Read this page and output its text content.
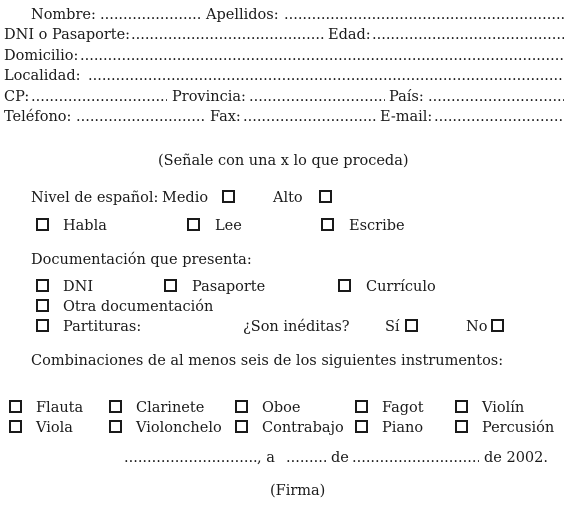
Nombre: .....	Apellidos:
.....
DNI o Pasaporte: .....	Edad:
.....
Domicilio:
.....
Localidad:
.....
CP: .....	Provincia: .....	País:
.....
Teléfono: .....	Fax: .....	E-mail:
.....
(Señale con una x lo que proceda)
Nivel de español: Medio	Alto
Habla	Lee	Escribe
Documentación que presenta:
DNI	Pasaporte	Currículo
Otra documentación
Partituras:	¿Son inéditas? Sí	No
Combinaciones de al menos seis de los siguientes instrumentos:
Flauta	Clarinete	Oboe	Fagot	Violín
Viola	Violonchelo	Contrabajo	Piano	Percusión
.....
, a .....	de .....	de 2002.
(Firma)
